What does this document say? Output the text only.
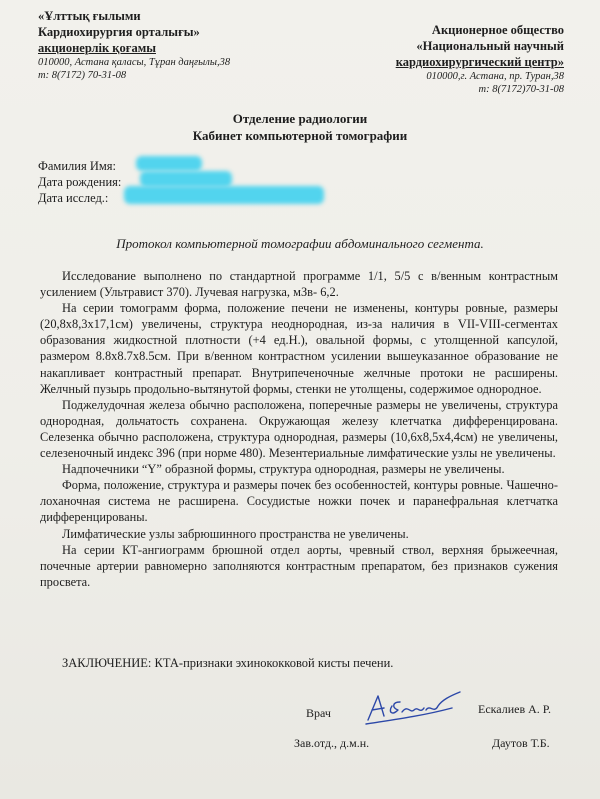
«Ұлттық ғылыми
Кардиохирургия орталығы»
акционерлік қоғамы
010000, Астана қаласы, Тұран даңғылы,38
т: 8(7172) 70-31-08
Акционерное общество
«Национальный научный
кардиохирургический центр»
010000,г. Астана, пр. Туран,38
т: 8(7172)70-31-08
Отделение радиологии
Кабинет компьютерной томографии
Фамилия Имя:
Дата рождения:
Дата исслед.:
Протокол компьютерной томографии абдоминального сегмента.

Исследование выполнено по стандартной программе 1/1, 5/5 с в/венным контрастным усилением (Ультравист 370). Лучевая нагрузка, мЗв- 6,2.

На серии томограмм форма, положение печени не изменены, контуры ровные, размеры (20,8х8,3х17,1см) увеличены, структура неоднородная, из-за наличия в VII-VIII-сегментах образования жидкостной плотности (+4 ед.Н.), овальной формы, с утолщенной капсулой, размером 8.8х8.7х8.5см. При в/венном контрастном усилении вышеуказанное образование не накапливает контрастный препарат. Внутрипеченочные желчные протоки не расширены. Желчный пузырь продольно-вытянутой формы, стенки не утолщены, содержимое однородное.

Поджелудочная железа обычно расположена, поперечные размеры не увеличены, структура однородная, дольчатость сохранена. Окружающая железу клетчатка дифференцирована. Селезенка обычно расположена, структура однородная, размеры (10,6х8,5х4,4см) не увеличены, селезеночный индекс 396 (при норме 480). Мезентериальные лимфатические узлы не увеличены.

Надпочечники “Y” образной формы, структура однородная, размеры не увеличены.

Форма, положение, структура и размеры почек без особенностей, контуры ровные. Чашечно-лоханочная система не расширена. Сосудистые ножки почек и паранефральная клетчатка дифференцированы.

Лимфатические узлы забрюшинного пространства не увеличены.

На серии КТ-ангиограмм брюшной отдел аорты, чревный ствол, верхняя брыжеечная, почечные артерии равномерно заполняются контрастным препаратом, без признаков сужения просвета.

ЗАКЛЮЧЕНИЕ: КТА-признаки эхинококковой кисты печени.
Врач	Ескалиев А. Р.
Зав.отд., д.м.н.	Даутов Т.Б.
